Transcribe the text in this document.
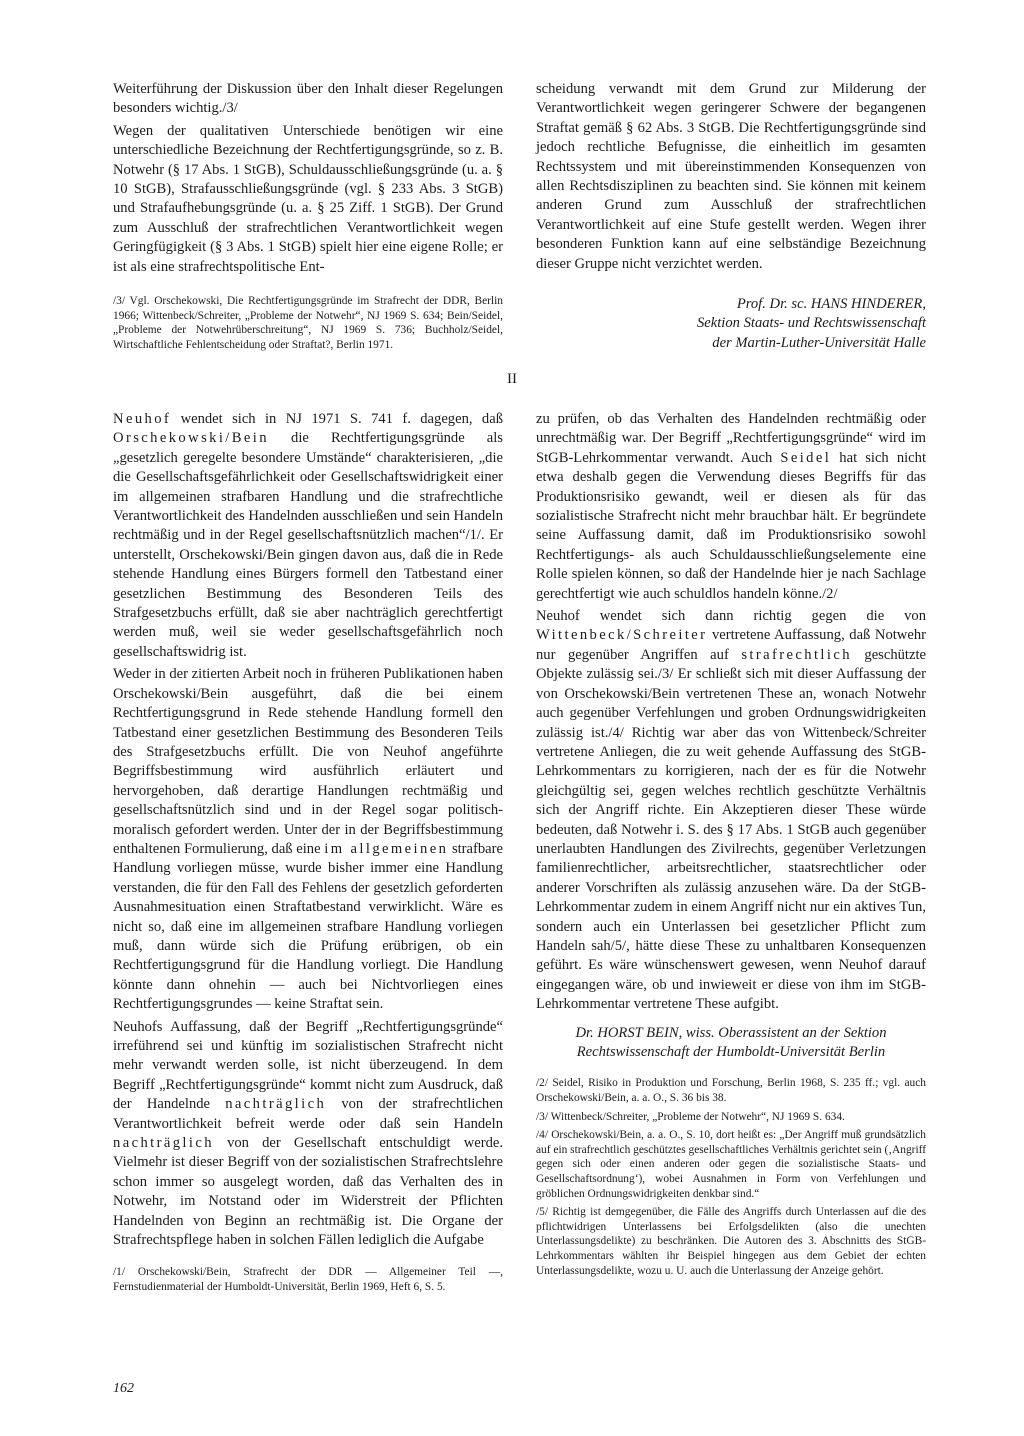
Weiterführung der Diskussion über den Inhalt dieser Regelungen besonders wichtig./3/

Wegen der qualitativen Unterschiede benötigen wir eine unterschiedliche Bezeichnung der Rechtfertigungsgründe, so z. B. Notwehr (§ 17 Abs. 1 StGB), Schuldausschließungsgründe (u. a. § 10 StGB), Strafausschließungsgründe (vgl. § 233 Abs. 3 StGB) und Strafaufhebungsgründe (u. a. § 25 Ziff. 1 StGB). Der Grund zum Ausschluß der strafrechtlichen Verantwortlichkeit wegen Geringfügigkeit (§ 3 Abs. 1 StGB) spielt hier eine eigene Rolle; er ist als eine strafrechtspolitische Ent-

/3/ Vgl. Orschekowski, Die Rechtfertigungsgründe im Strafrecht der DDR, Berlin 1966; Wittenbeck/Schreiter, „Probleme der Notwehr“, NJ 1969 S. 634; Bein/Seidel, „Probleme der Notwehrüberschreitung“, NJ 1969 S. 736; Buchholz/Seidel, Wirtschaftliche Fehlentscheidung oder Straftat?, Berlin 1971.

scheidung verwandt mit dem Grund zur Milderung der Verantwortlichkeit wegen geringerer Schwere der begangenen Straftat gemäß § 62 Abs. 3 StGB. Die Rechtfertigungsgründe sind jedoch rechtliche Befugnisse, die einheitlich im gesamten Rechtssystem und mit übereinstimmenden Konsequenzen von allen Rechtsdisziplinen zu beachten sind. Sie können mit keinem anderen Grund zum Ausschluß der strafrechtlichen Verantwortlichkeit auf eine Stufe gestellt werden. Wegen ihrer besonderen Funktion kann auf eine selbständige Bezeichnung dieser Gruppe nicht verzichtet werden.

Prof. Dr. sc. HANS HINDERER,

Sektion Staats- und Rechtswissenschaft

der Martin-Luther-Universität Halle

II

Neuhof wendet sich in NJ 1971 S. 741 f. dagegen, daß Orschekowski/Bein die Rechtfertigungsgründe als „gesetzlich geregelte besondere Umstände“ charakterisieren, „die die Gesellschaftsgefährlichkeit oder Gesellschaftswidrigkeit einer im allgemeinen strafbaren Handlung und die strafrechtliche Verantwortlichkeit des Handelnden ausschließen und sein Handeln rechtmäßig und in der Regel gesellschaftsnützlich machen“/1/. Er unterstellt, Orschekowski/Bein gingen davon aus, daß die in Rede stehende Handlung eines Bürgers formell den Tatbestand einer gesetzlichen Bestimmung des Besonderen Teils des Strafgesetzbuchs erfüllt, daß sie aber nachträglich gerechtfertigt werden muß, weil sie weder gesellschaftsgefährlich noch gesellschaftswidrig ist.

Weder in der zitierten Arbeit noch in früheren Publikationen haben Orschekowski/Bein ausgeführt, daß die bei einem Rechtfertigungsgrund in Rede stehende Handlung formell den Tatbestand einer gesetzlichen Bestimmung des Besonderen Teils des Strafgesetzbuchs erfüllt. Die von Neuhof angeführte Begriffsbestimmung wird ausführlich erläutert und hervorgehoben, daß derartige Handlungen rechtmäßig und gesellschaftsnützlich sind und in der Regel sogar politisch-moralisch gefordert werden. Unter der in der Begriffsbestimmung enthaltenen Formulierung, daß eine im allgemeinen strafbare Handlung vorliegen müsse, wurde bisher immer eine Handlung verstanden, die für den Fall des Fehlens der gesetzlich geforderten Ausnahmesituation einen Straftatbestand verwirklicht. Wäre es nicht so, daß eine im allgemeinen strafbare Handlung vorliegen muß, dann würde sich die Prüfung erübrigen, ob ein Rechtfertigungsgrund für die Handlung vorliegt. Die Handlung könnte dann ohnehin — auch bei Nichtvorliegen eines Rechtfertigungsgrundes — keine Straftat sein.

Neuhofs Auffassung, daß der Begriff „Rechtfertigungsgründe“ irreführend sei und künftig im sozialistischen Strafrecht nicht mehr verwandt werden solle, ist nicht überzeugend. In dem Begriff „Rechtfertigungsgründe“ kommt nicht zum Ausdruck, daß der Handelnde nachträglich von der strafrechtlichen Verantwortlichkeit befreit werde oder daß sein Handeln nachträglich von der Gesellschaft entschuldigt werde. Vielmehr ist dieser Begriff von der sozialistischen Strafrechtslehre schon immer so ausgelegt worden, daß das Verhalten des in Notwehr, im Notstand oder im Widerstreit der Pflichten Handelnden von Beginn an rechtmäßig ist. Die Organe der Strafrechtspflege haben in solchen Fällen lediglich die Aufgabe

/1/ Orschekowski/Bein, Strafrecht der DDR — Allgemeiner Teil —, Fernstudienmaterial der Humboldt-Universität, Berlin 1969, Heft 6, S. 5.

zu prüfen, ob das Verhalten des Handelnden rechtmäßig oder unrechtmäßig war. Der Begriff „Rechtfertigungsgründe“ wird im StGB-Lehrkommentar verwandt. Auch Seidel hat sich nicht etwa deshalb gegen die Verwendung dieses Begriffs für das Produktionsrisiko gewandt, weil er diesen als für das sozialistische Strafrecht nicht mehr brauchbar hält. Er begründete seine Auffassung damit, daß im Produktionsrisiko sowohl Rechtfertigungs- als auch Schuldausschließungselemente eine Rolle spielen können, so daß der Handelnde hier je nach Sachlage gerechtfertigt wie auch schuldlos handeln könne./2/

Neuhof wendet sich dann richtig gegen die von Wittenbeck/Schreiter vertretene Auffassung, daß Notwehr nur gegenüber Angriffen auf strafrechtlich geschützte Objekte zulässig sei./3/ Er schließt sich mit dieser Auffassung der von Orschekowski/Bein vertretenen These an, wonach Notwehr auch gegenüber Verfehlungen und groben Ordnungswidrigkeiten zulässig ist./4/ Richtig war aber das von Wittenbeck/Schreiter vertretene Anliegen, die zu weit gehende Auffassung des StGB-Lehrkommentars zu korrigieren, nach der es für die Notwehr gleichgültig sei, gegen welches rechtlich geschützte Verhältnis sich der Angriff richte. Ein Akzeptieren dieser These würde bedeuten, daß Notwehr i. S. des § 17 Abs. 1 StGB auch gegenüber unerlaubten Handlungen des Zivilrechts, gegenüber Verletzungen familienrechtlicher, arbeitsrechtlicher, staatsrechtlicher oder anderer Vorschriften als zulässig anzusehen wäre. Da der StGB-Lehrkommentar zudem in einem Angriff nicht nur ein aktives Tun, sondern auch ein Unterlassen bei gesetzlicher Pflicht zum Handeln sah/5/, hätte diese These zu unhaltbaren Konsequenzen geführt. Es wäre wünschenswert gewesen, wenn Neuhof darauf eingegangen wäre, ob und inwieweit er diese von ihm im StGB-Lehrkommentar vertretene These aufgibt.

Dr. HORST BEIN, wiss. Oberassistent an der Sektion

Rechtswissenschaft der Humboldt-Universität Berlin

/2/ Seidel, Risiko in Produktion und Forschung, Berlin 1968, S. 235 ff.; vgl. auch Orschekowski/Bein, a. a. O., S. 36 bis 38.

/3/ Wittenbeck/Schreiter, „Probleme der Notwehr“, NJ 1969 S. 634.

/4/ Orschekowski/Bein, a. a. O., S. 10, dort heißt es: „Der Angriff muß grundsätzlich auf ein strafrechtlich geschütztes gesellschaftliches Verhältnis gerichtet sein (‚Angriff gegen sich oder einen anderen oder gegen die sozialistische Staats- und Gesellschaftsordnung‘), wobei Ausnahmen in Form von Verfehlungen und gröblichen Ordnungswidrigkeiten denkbar sind.“

/5/ Richtig ist demgegenüber, die Fälle des Angriffs durch Unterlassen auf die des pflichtwidrigen Unterlassens bei Erfolgsdelikten (also die unechten Unterlassungsdelikte) zu beschränken. Die Autoren des 3. Abschnitts des StGB-Lehrkommentars wählten ihr Beispiel hingegen aus dem Gebiet der echten Unterlassungsdelikte, wozu u. U. auch die Unterlassung der Anzeige gehört.

162
